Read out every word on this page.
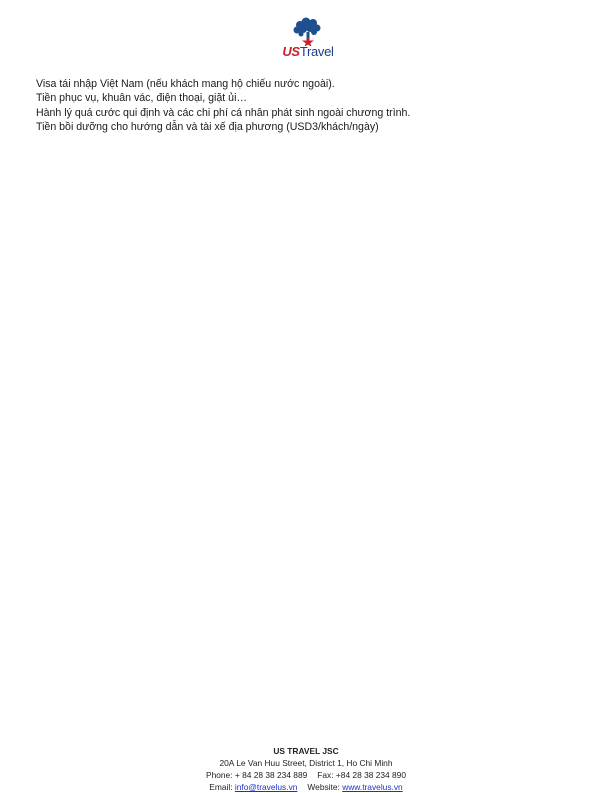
USTravel
Visa tái nhập Việt Nam (nếu khách mang hộ chiếu nước ngoài).
Tiền phục vụ, khuân vác, điện thoại, giặt ủi…
Hành lý quá cước qui định và các chi phí cá nhân phát sinh ngoài chương trình.
Tiền bồi dưỡng cho hướng dẫn và tài xế địa phương (USD3/khách/ngày)
US TRAVEL JSC
20A Le Van Huu Street, District 1, Ho Chi Minh
Phone: + 84 28 38 234 889 Fax: +84 28 38 234 890
Email: info@travelus.vn Website: www.travelus.vn
